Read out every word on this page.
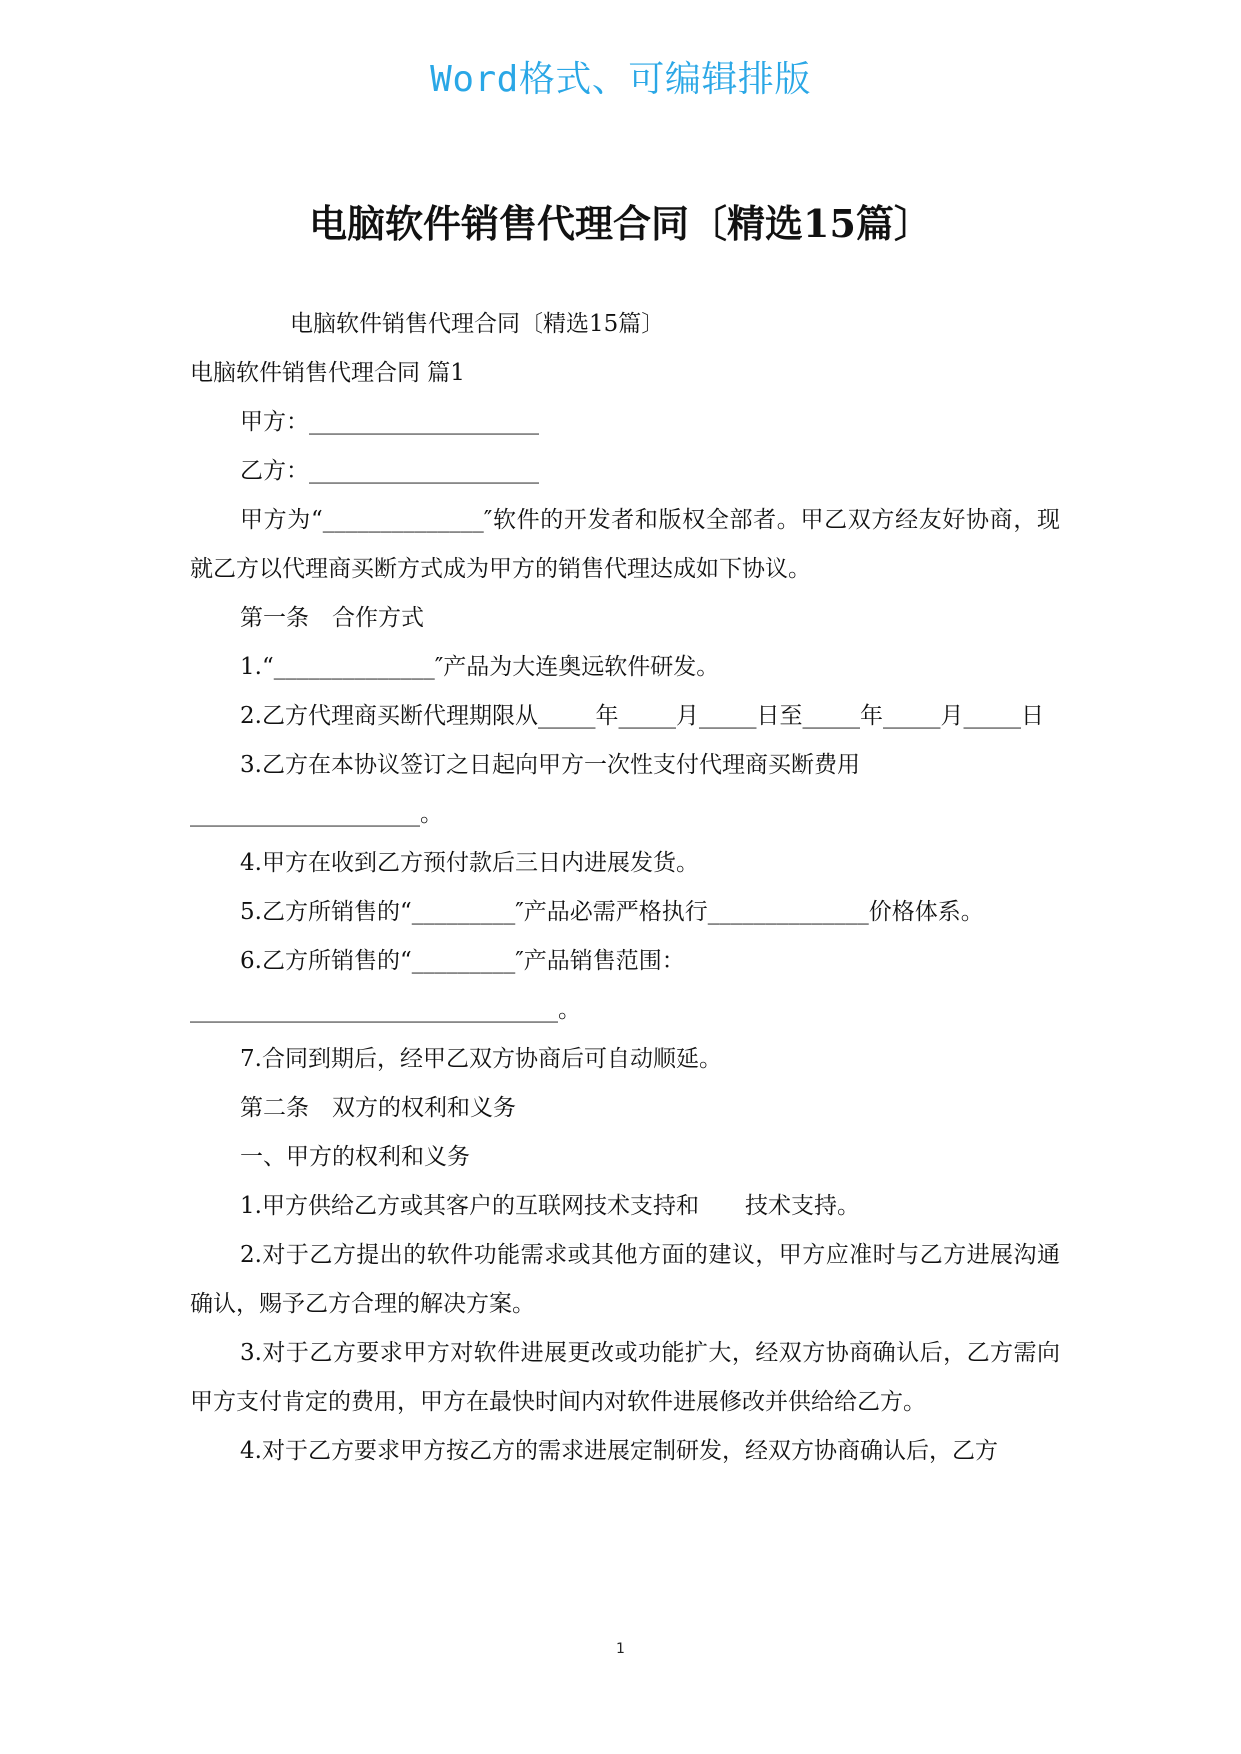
Word格式、可编辑排版
电脑软件销售代理合同〔精选15篇〕

电脑软件销售代理合同〔精选15篇〕

电脑软件销售代理合同 篇1

甲方：____________________

乙方：____________________

甲方为“______________″软件的开发者和版权全部者。甲乙双方经友好协商，现就乙方以代理商买断方式成为甲方的销售代理达成如下协议。

第一条　合作方式

1.“______________″产品为大连奥远软件研发。

2.乙方代理商买断代理期限从_____年_____月_____日至_____年_____月_____日

3.乙方在本协议签订之日起向甲方一次性支付代理商买断费用____________________。

4.甲方在收到乙方预付款后三日内进展发货。

5.乙方所销售的“_________″产品必需严格执行______________价格体系。

6.乙方所销售的“_________″产品销售范围：________________________________。

7.合同到期后，经甲乙双方协商后可自动顺延。

第二条　双方的权利和义务

一、甲方的权利和义务

1.甲方供给乙方或其客户的互联网技术支持和　　技术支持。

2.对于乙方提出的软件功能需求或其他方面的建议，甲方应准时与乙方进展沟通确认，赐予乙方合理的解决方案。

3.对于乙方要求甲方对软件进展更改或功能扩大，经双方协商确认后，乙方需向甲方支付肯定的费用，甲方在最快时间内对软件进展修改并供给给乙方。

4.对于乙方要求甲方按乙方的需求进展定制研发，经双方协商确认后，乙方

1
